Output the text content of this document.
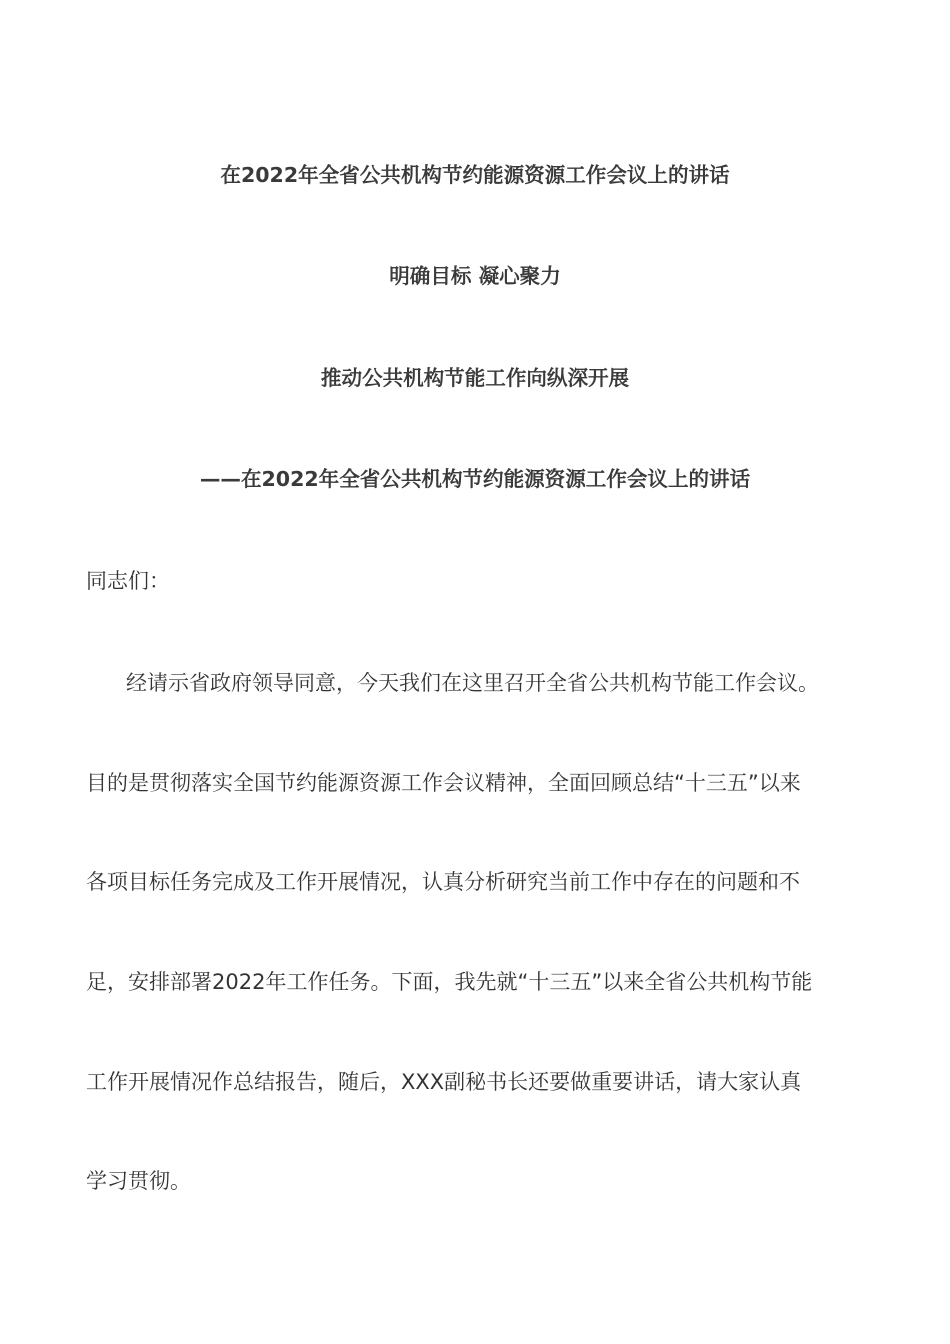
在2022年全省公共机构节约能源资源工作会议上的讲话
明确目标 凝心聚力
推动公共机构节能工作向纵深开展
——在2022年全省公共机构节约能源资源工作会议上的讲话
同志们：
经请示省政府领导同意，今天我们在这里召开全省公共机构节能工作会议。
目的是贯彻落实全国节约能源资源工作会议精神，全面回顾总结“十三五”以来
各项目标任务完成及工作开展情况，认真分析研究当前工作中存在的问题和不
足，安排部署2022年工作任务。下面，我先就“十三五”以来全省公共机构节能
工作开展情况作总结报告，随后，XXX副秘书长还要做重要讲话，请大家认真
学习贯彻。
